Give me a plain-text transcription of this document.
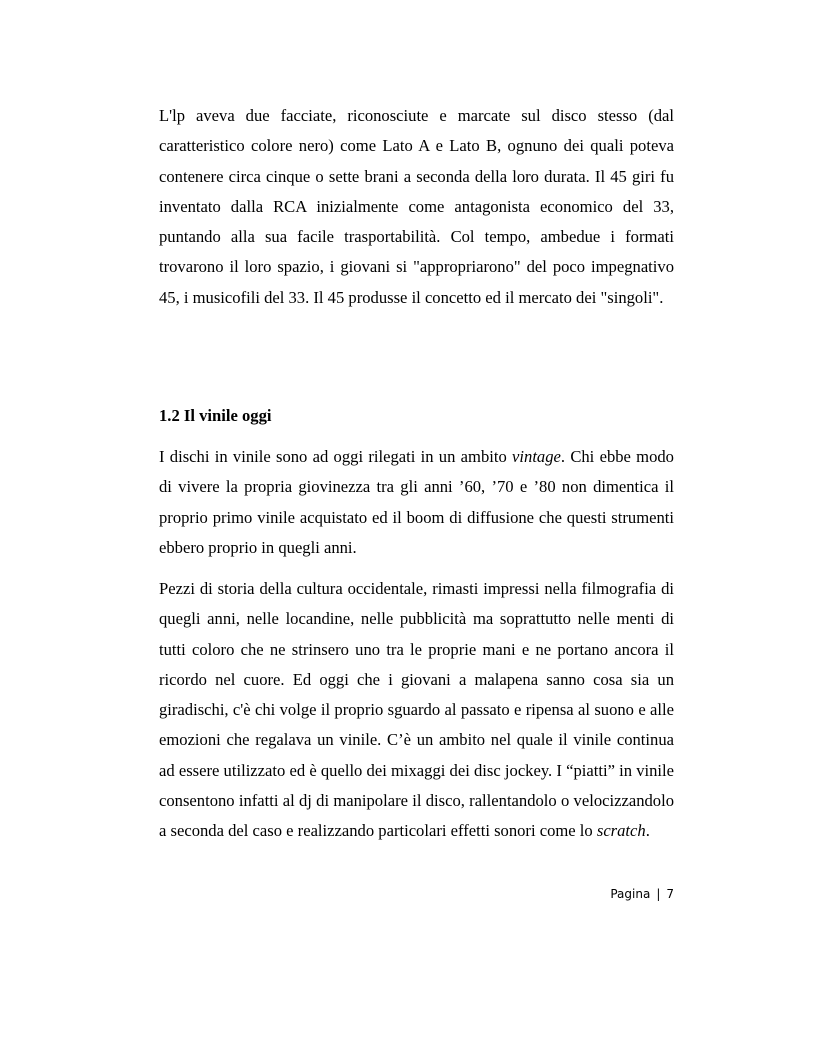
L'lp aveva due facciate, riconosciute e marcate sul disco stesso (dal caratteristico colore nero) come Lato A e Lato B, ognuno dei quali poteva contenere circa cinque o sette brani a seconda della loro durata. Il 45 giri fu inventato dalla RCA inizialmente come antagonista economico del 33, puntando alla sua facile trasportabilità. Col tempo, ambedue i formati trovarono il loro spazio, i giovani si "appropriarono" del poco impegnativo 45, i musicofili del 33. Il 45 produsse il concetto ed il mercato dei "singoli".

1.2 Il vinile oggi

I dischi in vinile sono ad oggi rilegati in un ambito vintage. Chi ebbe modo di vivere la propria giovinezza tra gli anni ’60, ’70 e ’80 non dimentica il proprio primo vinile acquistato ed il boom di diffusione che questi strumenti ebbero proprio in quegli anni.

Pezzi di storia della cultura occidentale, rimasti impressi nella filmografia di quegli anni, nelle locandine, nelle pubblicità ma soprattutto nelle menti di tutti coloro che ne strinsero uno tra le proprie mani e ne portano ancora il ricordo nel cuore. Ed oggi che i giovani a malapena sanno cosa sia un giradischi, c'è chi volge il proprio sguardo al passato e ripensa al suono e alle emozioni che regalava un vinile. C’è un ambito nel quale il vinile continua ad essere utilizzato ed è quello dei mixaggi dei disc jockey. I “piatti” in vinile consentono infatti al dj di manipolare il disco, rallentandolo o velocizzandolo a seconda del caso e realizzando particolari effetti sonori come lo scratch.

Pagina | 7
